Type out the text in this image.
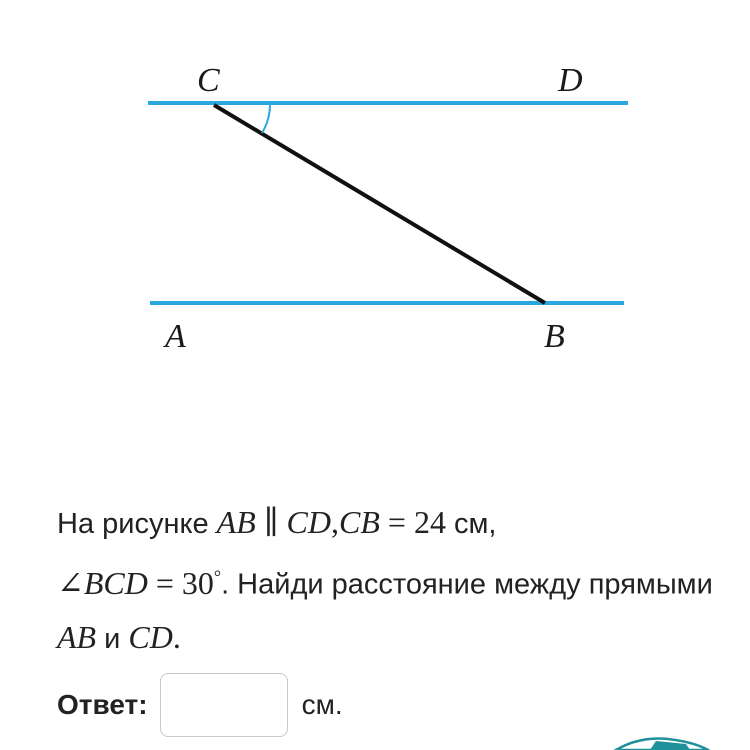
C	D
A	B
На рисунке AB ∥ CD,CB = 24 см,
∠BCD = 30°. Найди расстояние между прямыми AB и CD.
Ответ:	см.
